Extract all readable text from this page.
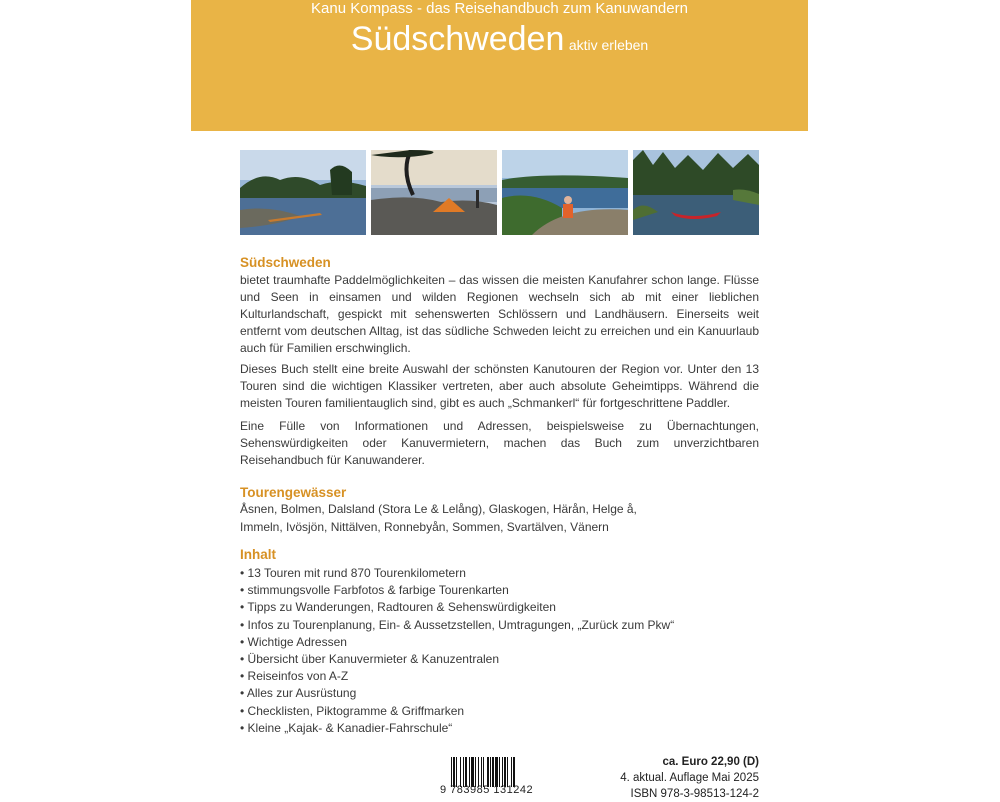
Kanu Kompass - das Reisehandbuch zum Kanuwandern
Südschweden aktiv erleben
Südschweden
bietet traumhafte Paddelmöglichkeiten – das wissen die meisten Kanufahrer schon lange. Flüsse und Seen in einsamen und wilden Regionen wechseln sich ab mit einer lieblichen Kulturlandschaft, gespickt mit sehenswerten Schlössern und Landhäusern. Einerseits weit entfernt vom deutschen Alltag, ist das südliche Schweden leicht zu erreichen und ein Kanuurlaub auch für Familien erschwinglich.
Dieses Buch stellt eine breite Auswahl der schönsten Kanutouren der Region vor. Unter den 13 Touren sind die wichtigen Klassiker vertreten, aber auch absolute Geheimtipps. Während die meisten Touren familientauglich sind, gibt es auch „Schmankerl“ für fortgeschrittene Paddler.
Eine Fülle von Informationen und Adressen, beispielsweise zu Übernachtungen, Sehenswürdigkeiten oder Kanuvermietern, machen das Buch zum unverzichtbaren Reisehandbuch für Kanuwanderer.
Tourengewässer
Åsnen, Bolmen, Dalsland (Stora Le & Lelång), Glaskogen, Härån, Helge å,
Immeln, Ivösjön, Nittälven, Ronnebyån, Sommen, Svartälven, Vänern
Inhalt
• 13 Touren mit rund 870 Tourenkilometern
• stimmungsvolle Farbfotos & farbige Tourenkarten
• Tipps zu Wanderungen, Radtouren & Sehenswürdigkeiten
• Infos zu Tourenplanung, Ein- & Aussetzstellen, Umtragungen, „Zurück zum Pkw“
• Wichtige Adressen
• Übersicht über Kanuvermieter & Kanuzentralen
• Reiseinfos von A-Z
• Alles zur Ausrüstung
• Checklisten, Piktogramme & Griffmarken
• Kleine „Kajak- & Kanadier-Fahrschule“
9 783985 131242
ca. Euro 22,90 (D)
4. aktual. Auflage Mai 2025
ISBN 978-3-98513-124-2
